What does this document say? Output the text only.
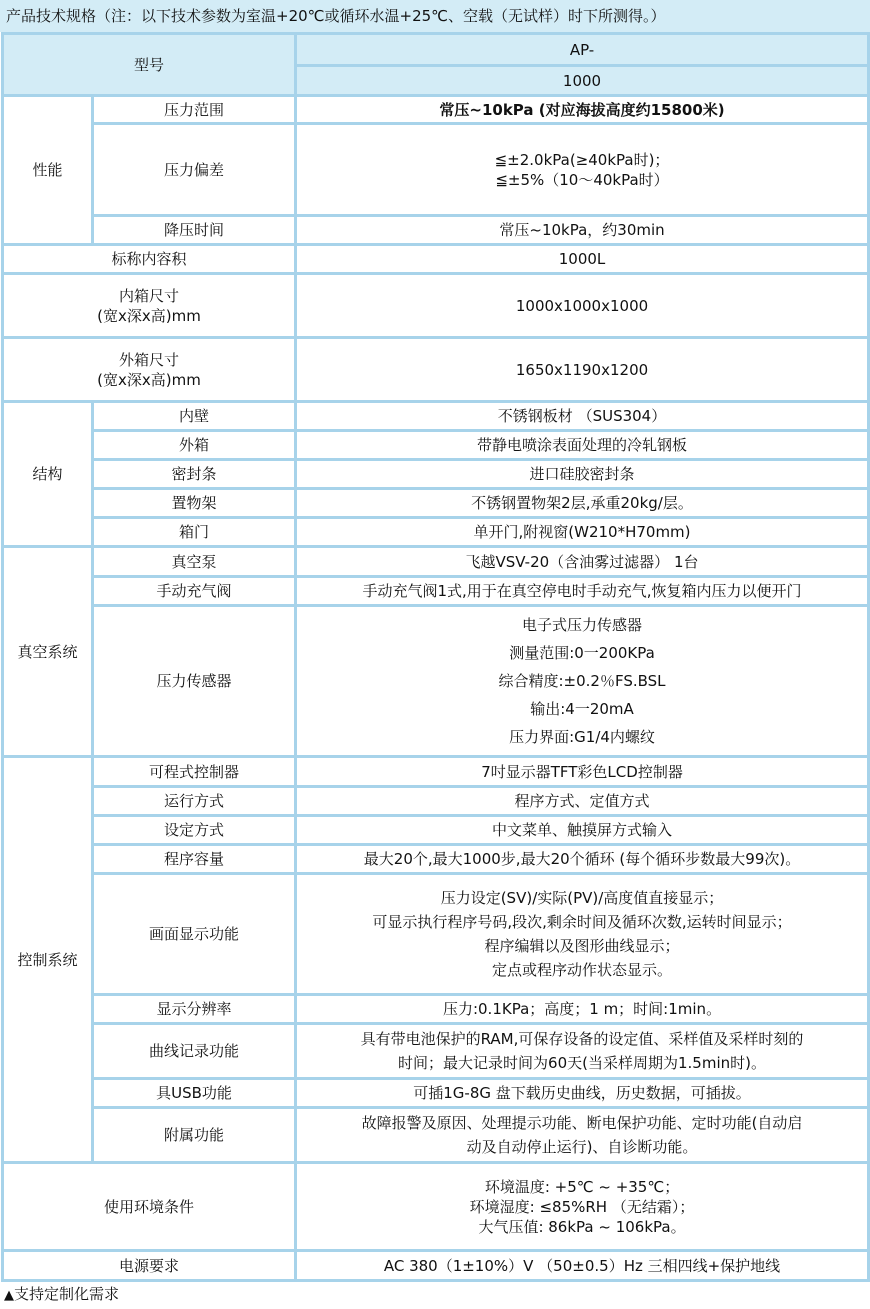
产品技术规格（注：以下技术参数为室温+20℃或循环水温+25℃、空载（无试样）时下所测得。）
型号		AP-
		1000
性能	压力范围	常压~10kPa (对应海拔高度约15800米)
	压力偏差	≦±2.0kPa(≥40kPa时)；
≦±5%（10～40kPa时）

	降压时间	常压~10kPa，约30min
标称内容积		1000L

内箱尺寸
(宽x深x高)mm		1000x1000x1000

外箱尺寸
(宽x深x高)mm		1650x1190x1200
结构	内壁	不锈钢板材 （SUS304）
	外箱	带静电喷涂表面处理的冷轧钢板
	密封条	进口硅胶密封条
	置物架	不锈钢置物架2层,承重20kg/层。
	箱门	单开门,附视窗(W210*H70mm)
真空系统	真空泵	飞越VSV-20（含油雾过滤器） 1台
	手动充气阀	手动充气阀1式,用于在真空停电时手动充气,恢复箱内压力以便开门
	压力传感器	电子式压力传感器
测量范围:0一200KPa
综合精度:±0.2％FS.BSL
输出:4一20mA
压力界面:G1/4内螺纹

控制系统	可程式控制器	7吋显示器TFT彩色LCD控制器
	运行方式	程序方式、定值方式
	设定方式	中文菜单、触摸屏方式输入
	程序容量	最大20个,最大1000步,最大20个循环 (每个循环步数最大99次)。
	画面显示功能	压力设定(SV)/实际(PV)/高度值直接显示；
可显示执行程序号码,段次,剩余时间及循环次数,运转时间显示；
程序编辑以及图形曲线显示；
定点或程序动作状态显示。

	显示分辨率	压力:0.1KPa；高度；1 m；时间:1min。
	曲线记录功能	具有带电池保护的RAM,可保存设备的设定值、采样值及采样时刻的
时间；最大记录时间为60天(当采样周期为1.5min时)。

	具USB功能	可插1G-8G 盘下载历史曲线，历史数据，可插拔。
	附属功能	故障报警及原因、处理提示功能、断电保护功能、定时功能(自动启
动及自动停止运行)、自诊断功能。

使用环境条件		环境温度: +5℃ ~ +35℃；
环境湿度: ≤85%RH （无结霜）；
大气压值: 86kPa ~ 106kPa。

电源要求		AC 380（1±10%）V （50±0.5）Hz 三相四线+保护地线
▲支持定制化需求
